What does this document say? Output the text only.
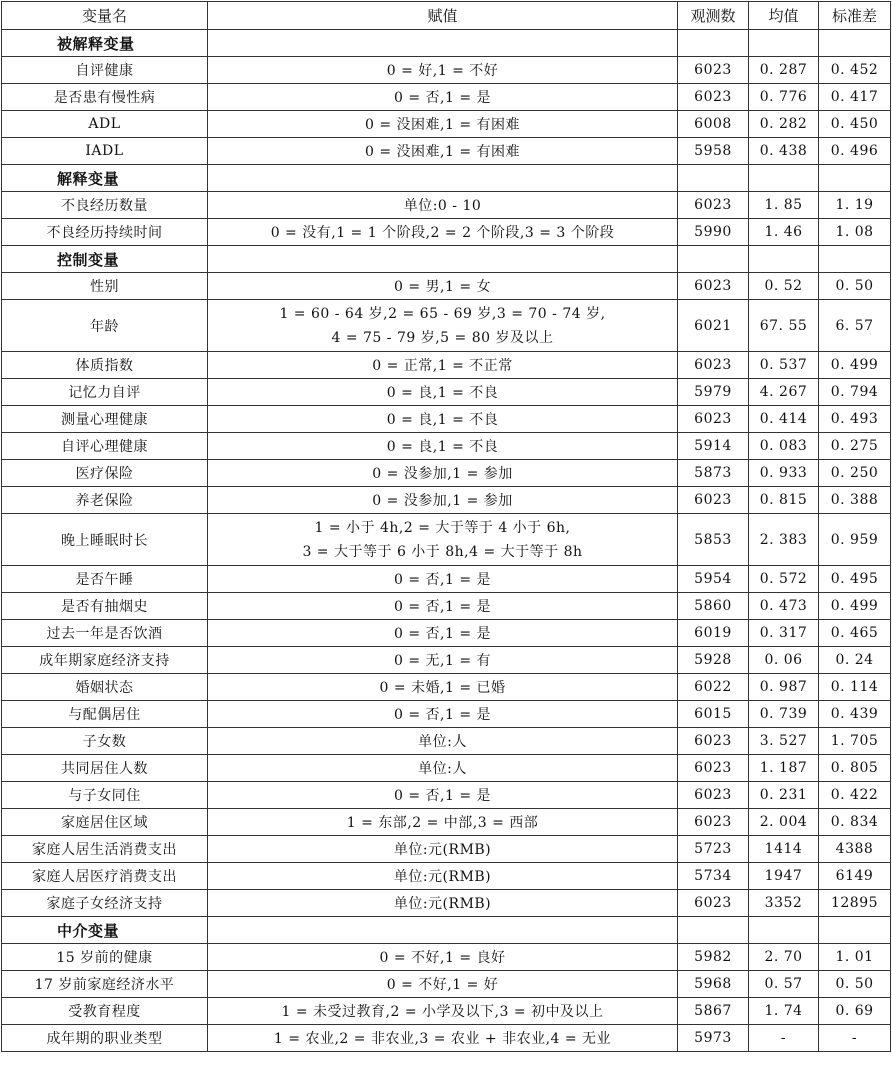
变量名	赋值	观测数	均值	标准差
被解释变量				
自评健康	0 = 好,1 = 不好	6023	0. 287	0. 452
是否患有慢性病	0 = 否,1 = 是	6023	0. 776	0. 417
ADL	0 = 没困难,1 = 有困难	6008	0. 282	0. 450
IADL	0 = 没困难,1 = 有困难	5958	0. 438	0. 496
解释变量				
不良经历数量	单位:0 - 10	6023	1. 85	1. 19
不良经历持续时间	0 = 没有,1 = 1 个阶段,2 = 2 个阶段,3 = 3 个阶段	5990	1. 46	1. 08
控制变量				
性别	0 = 男,1 = 女	6023	0. 52	0. 50
年龄	1 = 60 - 64 岁,2 = 65 - 69 岁,3 = 70 - 74 岁,
4 = 75 - 79 岁,5 = 80 岁及以上	6021	67. 55	6. 57
体质指数	0 = 正常,1 = 不正常	6023	0. 537	0. 499
记忆力自评	0 = 良,1 = 不良	5979	4. 267	0. 794
测量心理健康	0 = 良,1 = 不良	6023	0. 414	0. 493
自评心理健康	0 = 良,1 = 不良	5914	0. 083	0. 275
医疗保险	0 = 没参加,1 = 参加	5873	0. 933	0. 250
养老保险	0 = 没参加,1 = 参加	6023	0. 815	0. 388
晚上睡眠时长	1 = 小于 4h,2 = 大于等于 4 小于 6h,
3 = 大于等于 6 小于 8h,4 = 大于等于 8h	5853	2. 383	0. 959
是否午睡	0 = 否,1 = 是	5954	0. 572	0. 495
是否有抽烟史	0 = 否,1 = 是	5860	0. 473	0. 499
过去一年是否饮酒	0 = 否,1 = 是	6019	0. 317	0. 465
成年期家庭经济支持	0 = 无,1 = 有	5928	0. 06	0. 24
婚姻状态	0 = 未婚,1 = 已婚	6022	0. 987	0. 114
与配偶居住	0 = 否,1 = 是	6015	0. 739	0. 439
子女数	单位:人	6023	3. 527	1. 705
共同居住人数	单位:人	6023	1. 187	0. 805
与子女同住	0 = 否,1 = 是	6023	0. 231	0. 422
家庭居住区域	1 = 东部,2 = 中部,3 = 西部	6023	2. 004	0. 834
家庭人居生活消费支出	单位:元(RMB)	5723	1414	4388
家庭人居医疗消费支出	单位:元(RMB)	5734	1947	6149
家庭子女经济支持	单位:元(RMB)	6023	3352	12895
中介变量				
15 岁前的健康	0 = 不好,1 = 良好	5982	2. 70	1. 01
17 岁前家庭经济水平	0 = 不好,1 = 好	5968	0. 57	0. 50
受教育程度	1 = 未受过教育,2 = 小学及以下,3 = 初中及以上	5867	1. 74	0. 69
成年期的职业类型	1 = 农业,2 = 非农业,3 = 农业 + 非农业,4 = 无业	5973	-	-
